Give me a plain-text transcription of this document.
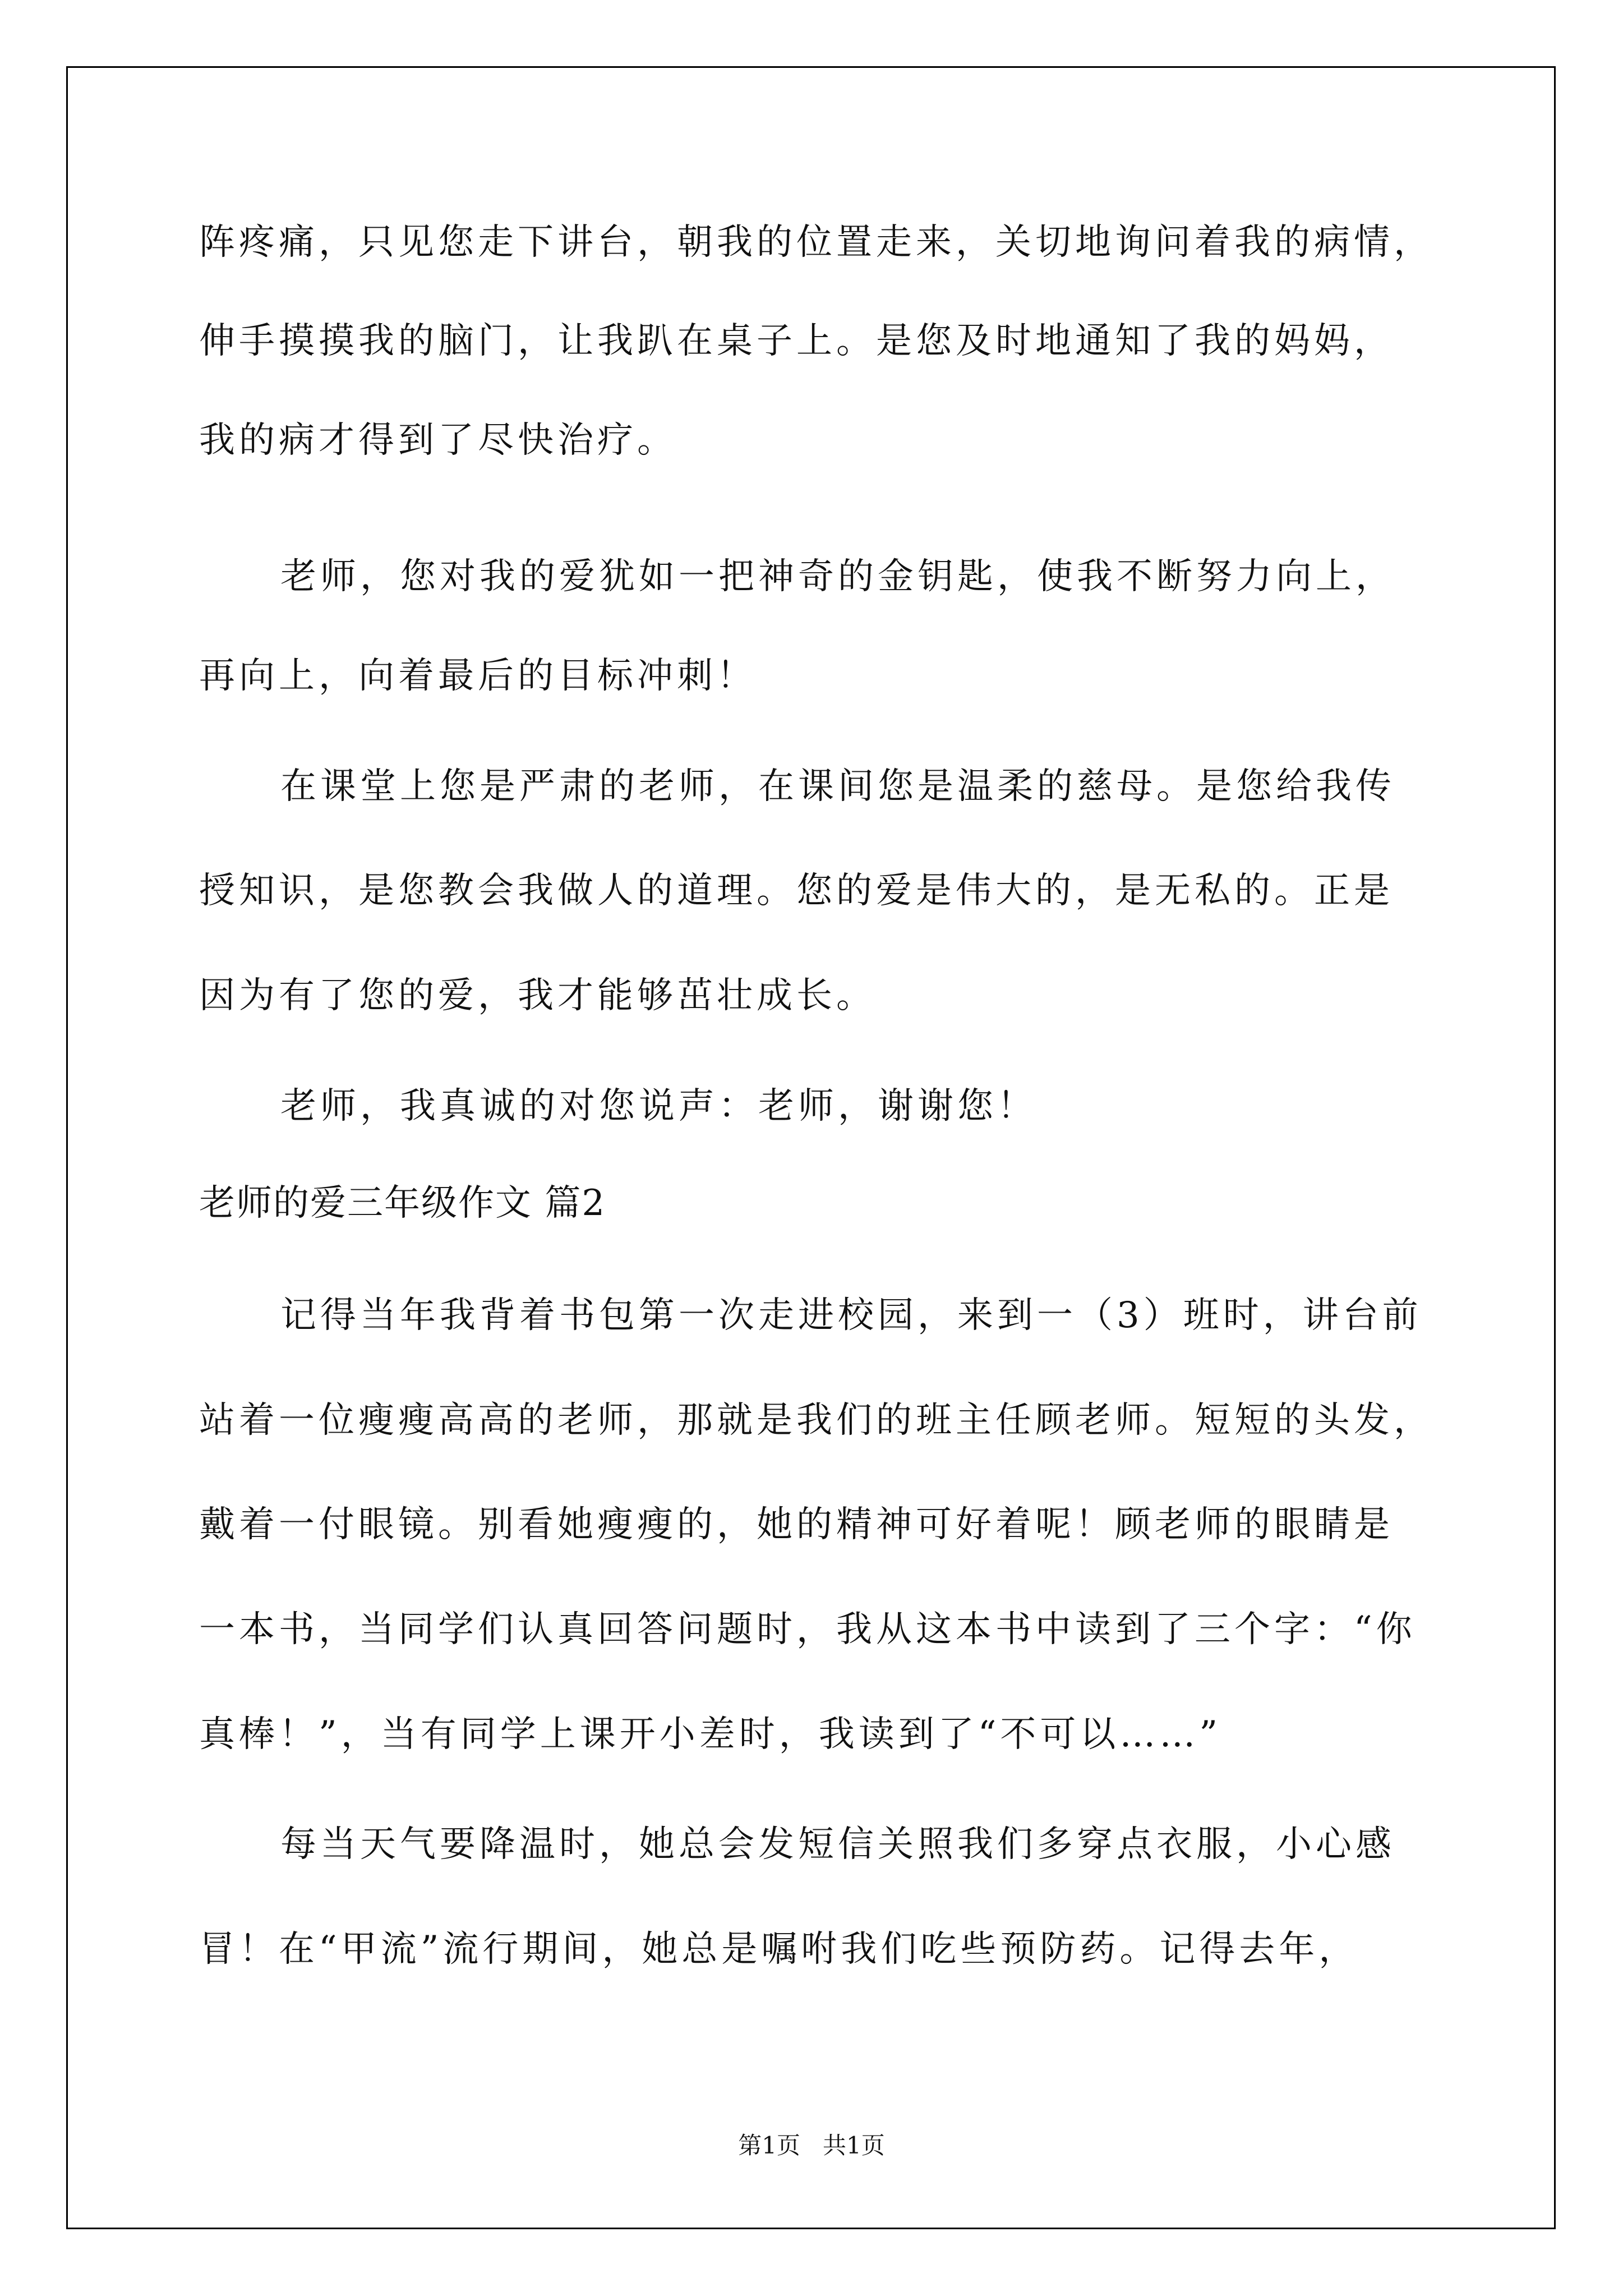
阵疼痛，只见您走下讲台，朝我的位置走来，关切地询问着我的病情，
伸手摸摸我的脑门，让我趴在桌子上。是您及时地通知了我的妈妈，
我的病才得到了尽快治疗。
老师，您对我的爱犹如一把神奇的金钥匙，使我不断努力向上，
再向上，向着最后的目标冲刺！
在课堂上您是严肃的老师，在课间您是温柔的慈母。是您给我传
授知识，是您教会我做人的道理。您的爱是伟大的，是无私的。正是
因为有了您的爱，我才能够茁壮成长。
老师，我真诚的对您说声：老师，谢谢您！
老师的爱三年级作文 篇2
记得当年我背着书包第一次走进校园，来到一（3）班时，讲台前
站着一位瘦瘦高高的老师，那就是我们的班主任顾老师。短短的头发，
戴着一付眼镜。别看她瘦瘦的，她的精神可好着呢！顾老师的眼睛是
一本书，当同学们认真回答问题时，我从这本书中读到了三个字：“你
真棒！”，当有同学上课开小差时，我读到了“不可以……”
每当天气要降温时，她总会发短信关照我们多穿点衣服，小心感
冒！在“甲流”流行期间，她总是嘱咐我们吃些预防药。记得去年，
第1页   共1页
